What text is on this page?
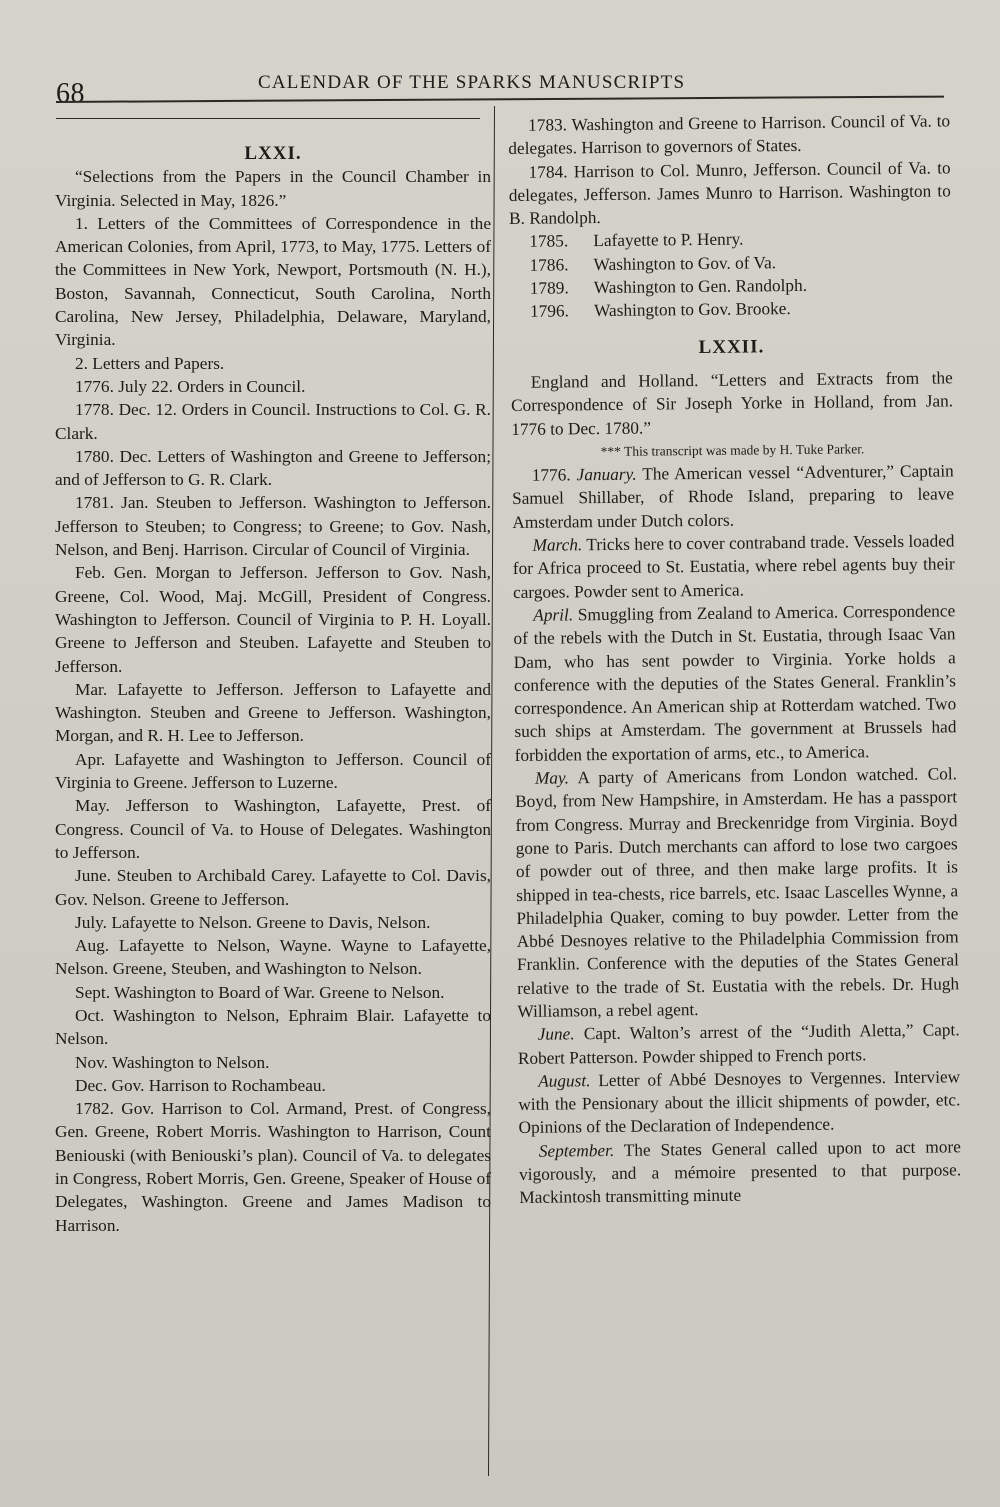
68	CALENDAR OF THE SPARKS MANUSCRIPTS

LXXI.

“Selections from the Papers in the Council Chamber in Virginia. Selected in May, 1826.”

1. Letters of the Committees of Correspondence in the American Colonies, from April, 1773, to May, 1775. Letters of the Committees in New York, Newport, Portsmouth (N. H.), Boston, Savannah, Connecticut, South Carolina, North Carolina, New Jersey, Philadelphia, Delaware, Maryland, Virginia.

2. Letters and Papers.

1776. July 22. Orders in Council.

1778. Dec. 12. Orders in Council. Instructions to Col. G. R. Clark.

1780. Dec. Letters of Washington and Greene to Jefferson; and of Jefferson to G. R. Clark.

1781. Jan. Steuben to Jefferson. Washington to Jefferson. Jefferson to Steuben; to Congress; to Greene; to Gov. Nash, Nelson, and Benj. Harrison. Circular of Council of Virginia.

Feb. Gen. Morgan to Jefferson. Jefferson to Gov. Nash, Greene, Col. Wood, Maj. McGill, President of Congress. Washington to Jefferson. Council of Virginia to P. H. Loyall. Greene to Jefferson and Steuben. Lafayette and Steuben to Jefferson.

Mar. Lafayette to Jefferson. Jefferson to Lafayette and Washington. Steuben and Greene to Jefferson. Washington, Morgan, and R. H. Lee to Jefferson.

Apr. Lafayette and Washington to Jefferson. Council of Virginia to Greene. Jefferson to Luzerne.

May. Jefferson to Washington, Lafayette, Prest. of Congress. Council of Va. to House of Delegates. Washington to Jefferson.

June. Steuben to Archibald Carey. Lafayette to Col. Davis, Gov. Nelson. Greene to Jefferson.

July. Lafayette to Nelson. Greene to Davis, Nelson.

Aug. Lafayette to Nelson, Wayne. Wayne to Lafayette, Nelson. Greene, Steuben, and Washington to Nelson.

Sept. Washington to Board of War. Greene to Nelson.

Oct. Washington to Nelson, Ephraim Blair. Lafayette to Nelson.

Nov. Washington to Nelson.

Dec. Gov. Harrison to Rochambeau.

1782. Gov. Harrison to Col. Armand, Prest. of Congress, Gen. Greene, Robert Morris. Washington to Harrison, Count Beniouski (with Beniouski’s plan). Council of Va. to delegates in Congress, Robert Morris, Gen. Greene, Speaker of House of Delegates, Washington. Greene and James Madison to Harrison.

1783. Washington and Greene to Harrison. Council of Va. to delegates. Harrison to governors of States.

1784. Harrison to Col. Munro, Jefferson. Council of Va. to delegates, Jefferson. James Munro to Harrison. Washington to B. Randolph.

1785.	Lafayette to P. Henry.
1786.	Washington to Gov. of Va.
1789.	Washington to Gen. Randolph.
1796.	Washington to Gov. Brooke.

LXXII.

England and Holland. “Letters and Extracts from the Correspondence of Sir Joseph Yorke in Holland, from Jan. 1776 to Dec. 1780.”

*** This transcript was made by H. Tuke Parker.

1776. January. The American vessel “Adventurer,” Captain Samuel Shillaber, of Rhode Island, preparing to leave Amsterdam under Dutch colors.

March. Tricks here to cover contraband trade. Vessels loaded for Africa proceed to St. Eustatia, where rebel agents buy their cargoes. Powder sent to America.

April. Smuggling from Zealand to America. Correspondence of the rebels with the Dutch in St. Eustatia, through Isaac Van Dam, who has sent powder to Virginia. Yorke holds a conference with the deputies of the States General. Franklin’s correspondence. An American ship at Rotterdam watched. Two such ships at Amsterdam. The government at Brussels had forbidden the exportation of arms, etc., to America.

May. A party of Americans from London watched. Col. Boyd, from New Hampshire, in Amsterdam. He has a passport from Congress. Murray and Breckenridge from Virginia. Boyd gone to Paris. Dutch merchants can afford to lose two cargoes of powder out of three, and then make large profits. It is shipped in tea-chests, rice barrels, etc. Isaac Lascelles Wynne, a Philadelphia Quaker, coming to buy powder. Letter from the Abbé Desnoyes relative to the Philadelphia Commission from Franklin. Conference with the deputies of the States General relative to the trade of St. Eustatia with the rebels. Dr. Hugh Williamson, a rebel agent.

June. Capt. Walton’s arrest of the “Judith Aletta,” Capt. Robert Patterson. Powder shipped to French ports.

August. Letter of Abbé Desnoyes to Vergennes. Interview with the Pensionary about the illicit shipments of powder, etc. Opinions of the Declaration of Independence.

September. The States General called upon to act more vigorously, and a mémoire presented to that purpose. Mackintosh transmitting minute
